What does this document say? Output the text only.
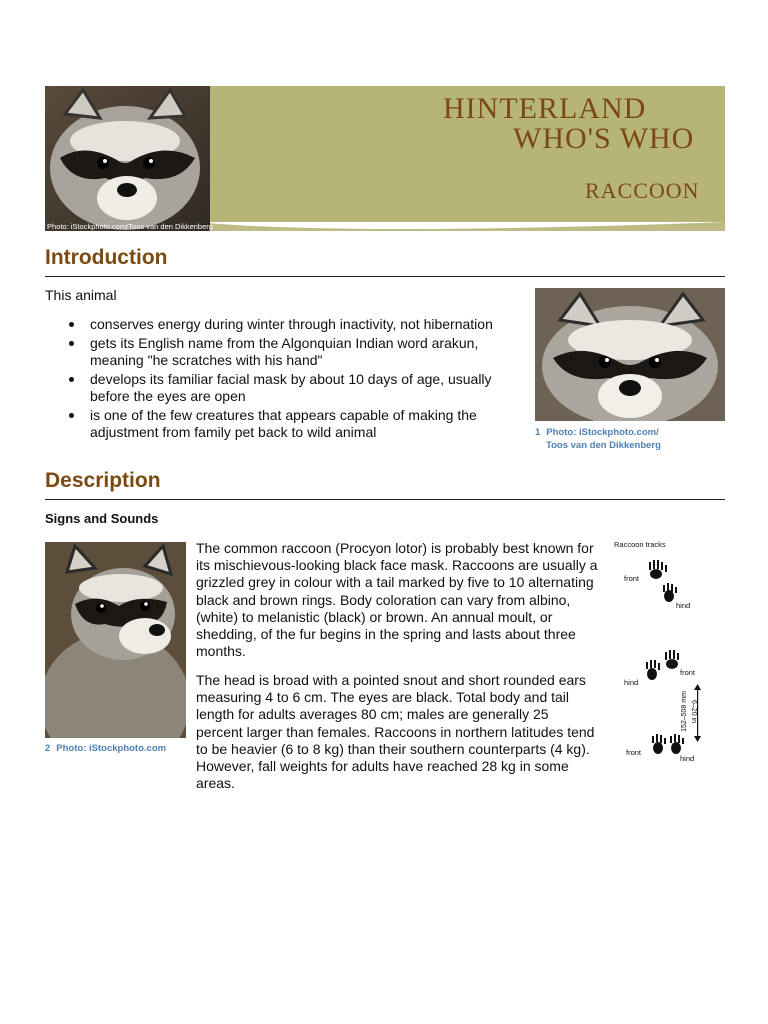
Photo: iStockphoto.com/Toos van den Dikkenberg
HINTERLAND
WHO'S WHO
RACCOON
Introduction
This animal
conserves energy during winter through inactivity, not hibernation
gets its English name from the Algonquian Indian word arakun, meaning "he scratches with his hand"
develops its familiar facial mask by about 10 days of age, usually before the eyes are open
is one of the few creatures that appears capable of making the adjustment from family pet back to wild animal	1 Photo: iStockphoto.com/
Toos van den Dikkenberg
Description
Signs and Sounds
2 Photo: iStockphoto.com

The common raccoon (Procyon lotor) is probably best known for its mischievous-looking black face mask. Raccoons are usually a grizzled grey in colour with a tail marked by five to 10 alternating black and brown rings. Body coloration can vary from albino, (white) to melanistic (black) or brown. An annual moult, or shedding, of the fur begins in the spring and lasts about three months.

The head is broad with a pointed snout and short rounded ears measuring 4 to 6 cm. The eyes are black. Total body and tail length for adults averages 80 cm; males are generally 25 percent larger than females. Raccoons in northern latitudes tend to be heavier (6 to 8 kg) than their southern counterparts (4 kg). However, fall weights for adults have reached 28 kg in some areas.

Raccoon tracks
front
hind
hind
front
front
hind
152–508 mm 6–20 in
